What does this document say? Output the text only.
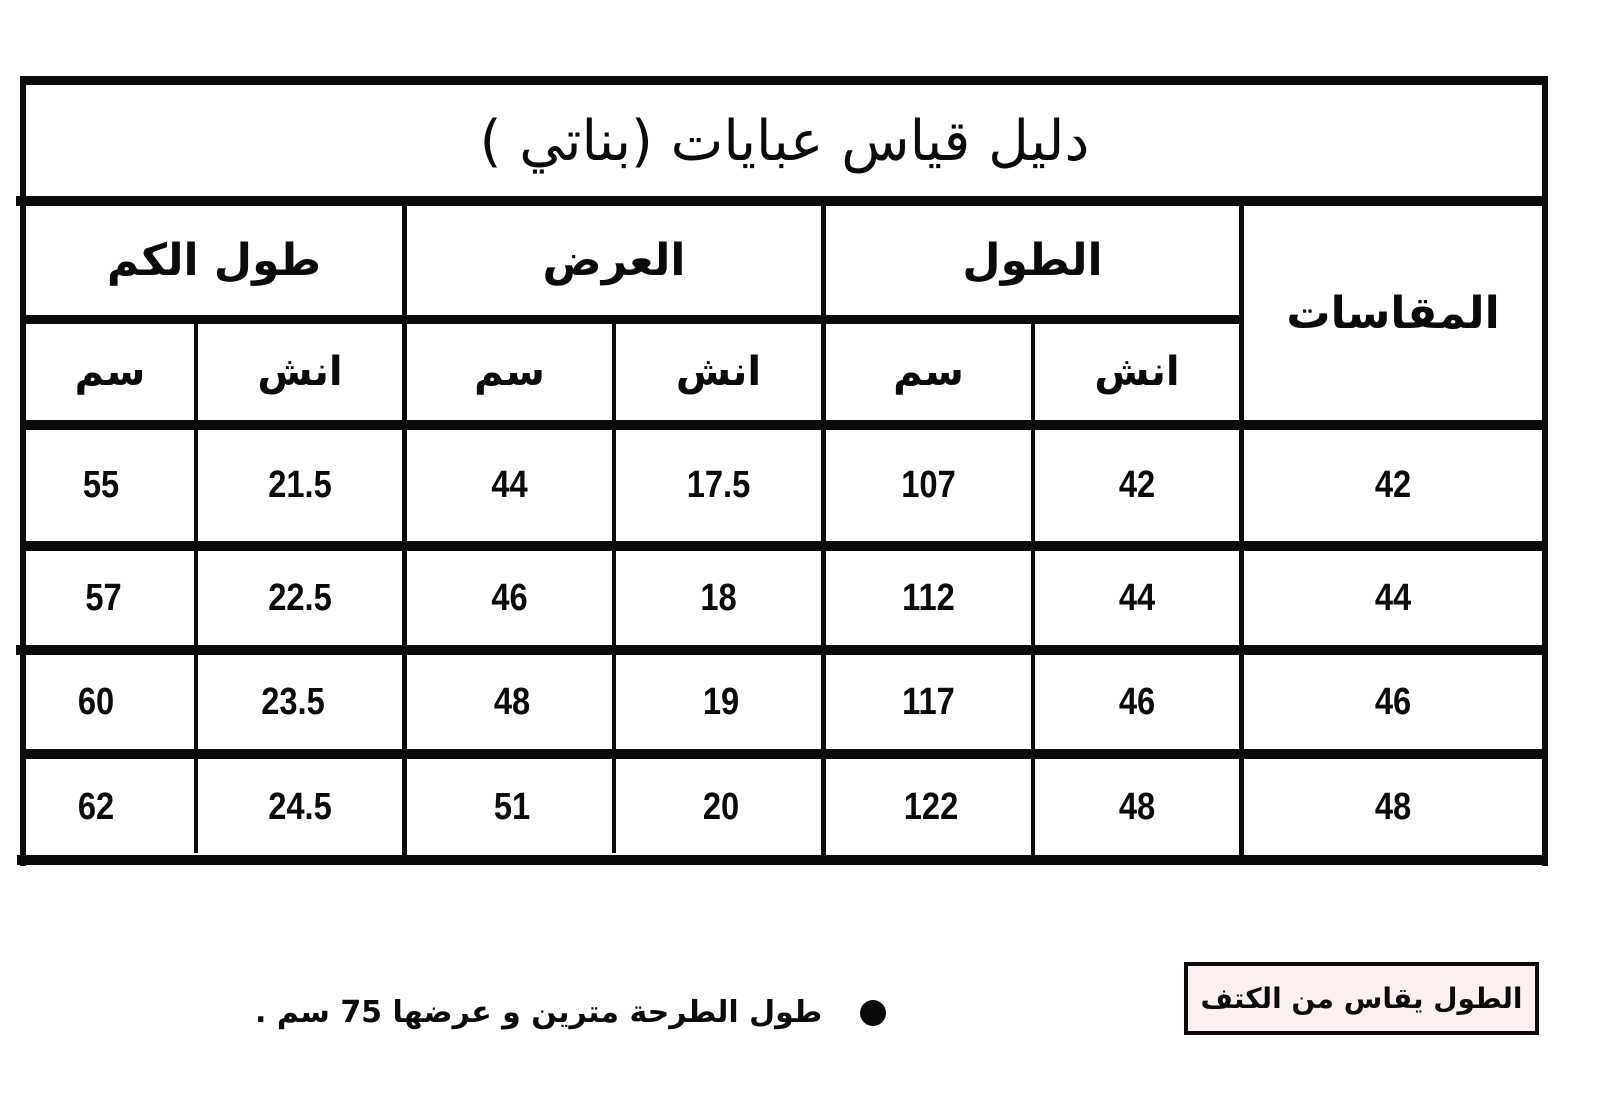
دليل قياس عبايات (بناتي )
المقاسات
الطول
العرض
طول الكم
انش
سم
انش
سم
انش
سم
42
42
107
17.5
44
21.5
55
44
44
112
18
46
22.5
57
46
46
117
19
48
23.5
60
48
48
122
20
51
24.5
62
الطول يقاس من الكتف
طول الطرحة مترين و عرضها 75 سم .
